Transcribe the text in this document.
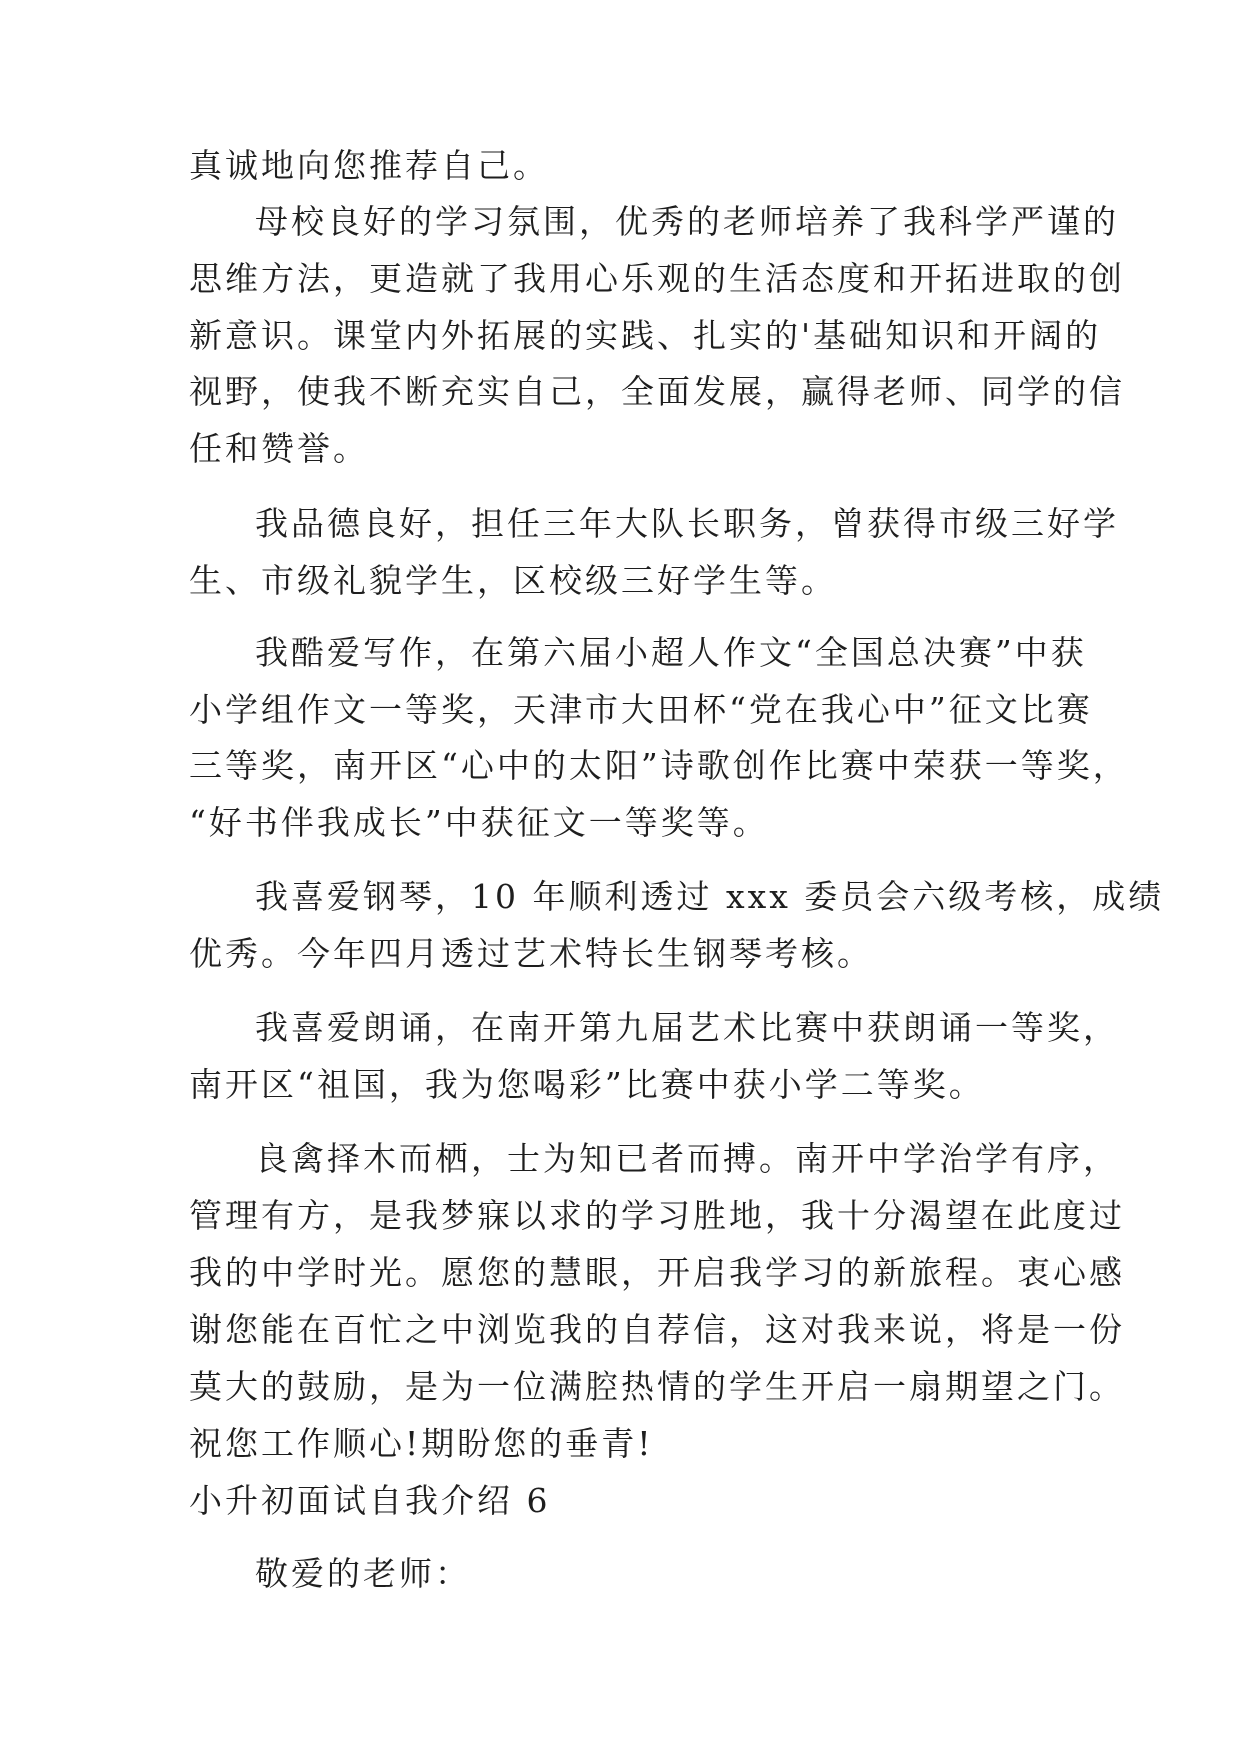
真诚地向您推荐自己。
母校良好的学习氛围，优秀的老师培养了我科学严谨的
思维方法，更造就了我用心乐观的生活态度和开拓进取的创
新意识。课堂内外拓展的实践、扎实的'基础知识和开阔的
视野，使我不断充实自己，全面发展，赢得老师、同学的信
任和赞誉。
我品德良好，担任三年大队长职务，曾获得市级三好学
生、市级礼貌学生，区校级三好学生等。
我酷爱写作，在第六届小超人作文“全国总决赛”中获
小学组作文一等奖，天津市大田杯“党在我心中”征文比赛
三等奖，南开区“心中的太阳”诗歌创作比赛中荣获一等奖，
“好书伴我成长”中获征文一等奖等。
我喜爱钢琴，10 年顺利透过 xxx 委员会六级考核，成绩
优秀。今年四月透过艺术特长生钢琴考核。
我喜爱朗诵，在南开第九届艺术比赛中获朗诵一等奖，
南开区“祖国，我为您喝彩”比赛中获小学二等奖。
良禽择木而栖，士为知已者而搏。南开中学治学有序，
管理有方，是我梦寐以求的学习胜地，我十分渴望在此度过
我的中学时光。愿您的慧眼，开启我学习的新旅程。衷心感
谢您能在百忙之中浏览我的自荐信，这对我来说，将是一份
莫大的鼓励，是为一位满腔热情的学生开启一扇期望之门。
祝您工作顺心!期盼您的垂青!
小升初面试自我介绍 6
敬爱的老师：
